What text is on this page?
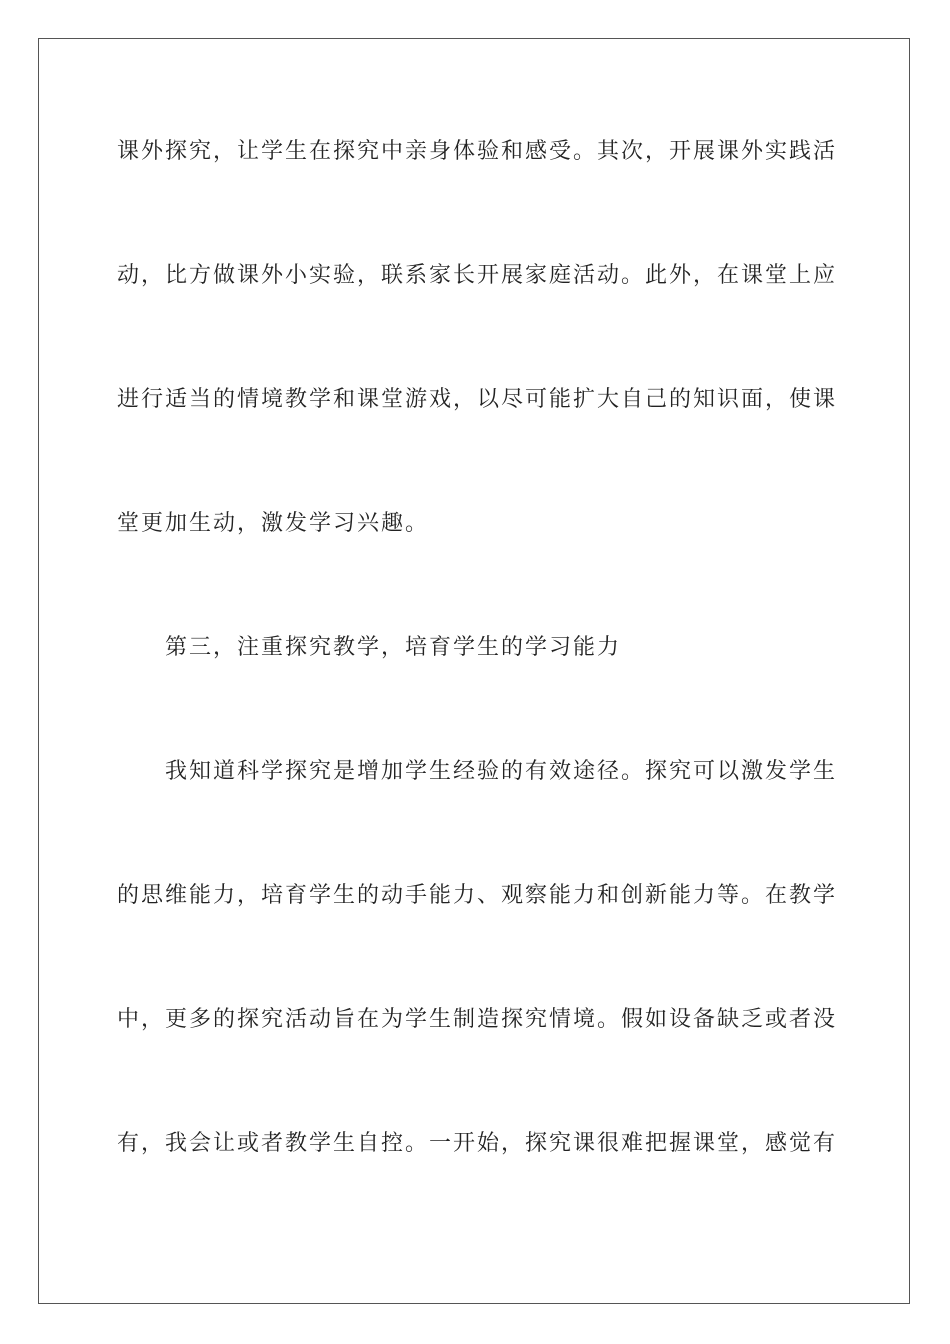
课外探究，让学生在探究中亲身体验和感受。其次，开展课外实践活
动，比方做课外小实验，联系家长开展家庭活动。此外，在课堂上应
进行适当的情境教学和课堂游戏，以尽可能扩大自己的知识面，使课
堂更加生动，激发学习兴趣。
第三，注重探究教学，培育学生的学习能力
我知道科学探究是增加学生经验的有效途径。探究可以激发学生
的思维能力，培育学生的动手能力、观察能力和创新能力等。在教学
中，更多的探究活动旨在为学生制造探究情境。假如设备缺乏或者没
有，我会让或者教学生自控。一开始，探究课很难把握课堂，感觉有
